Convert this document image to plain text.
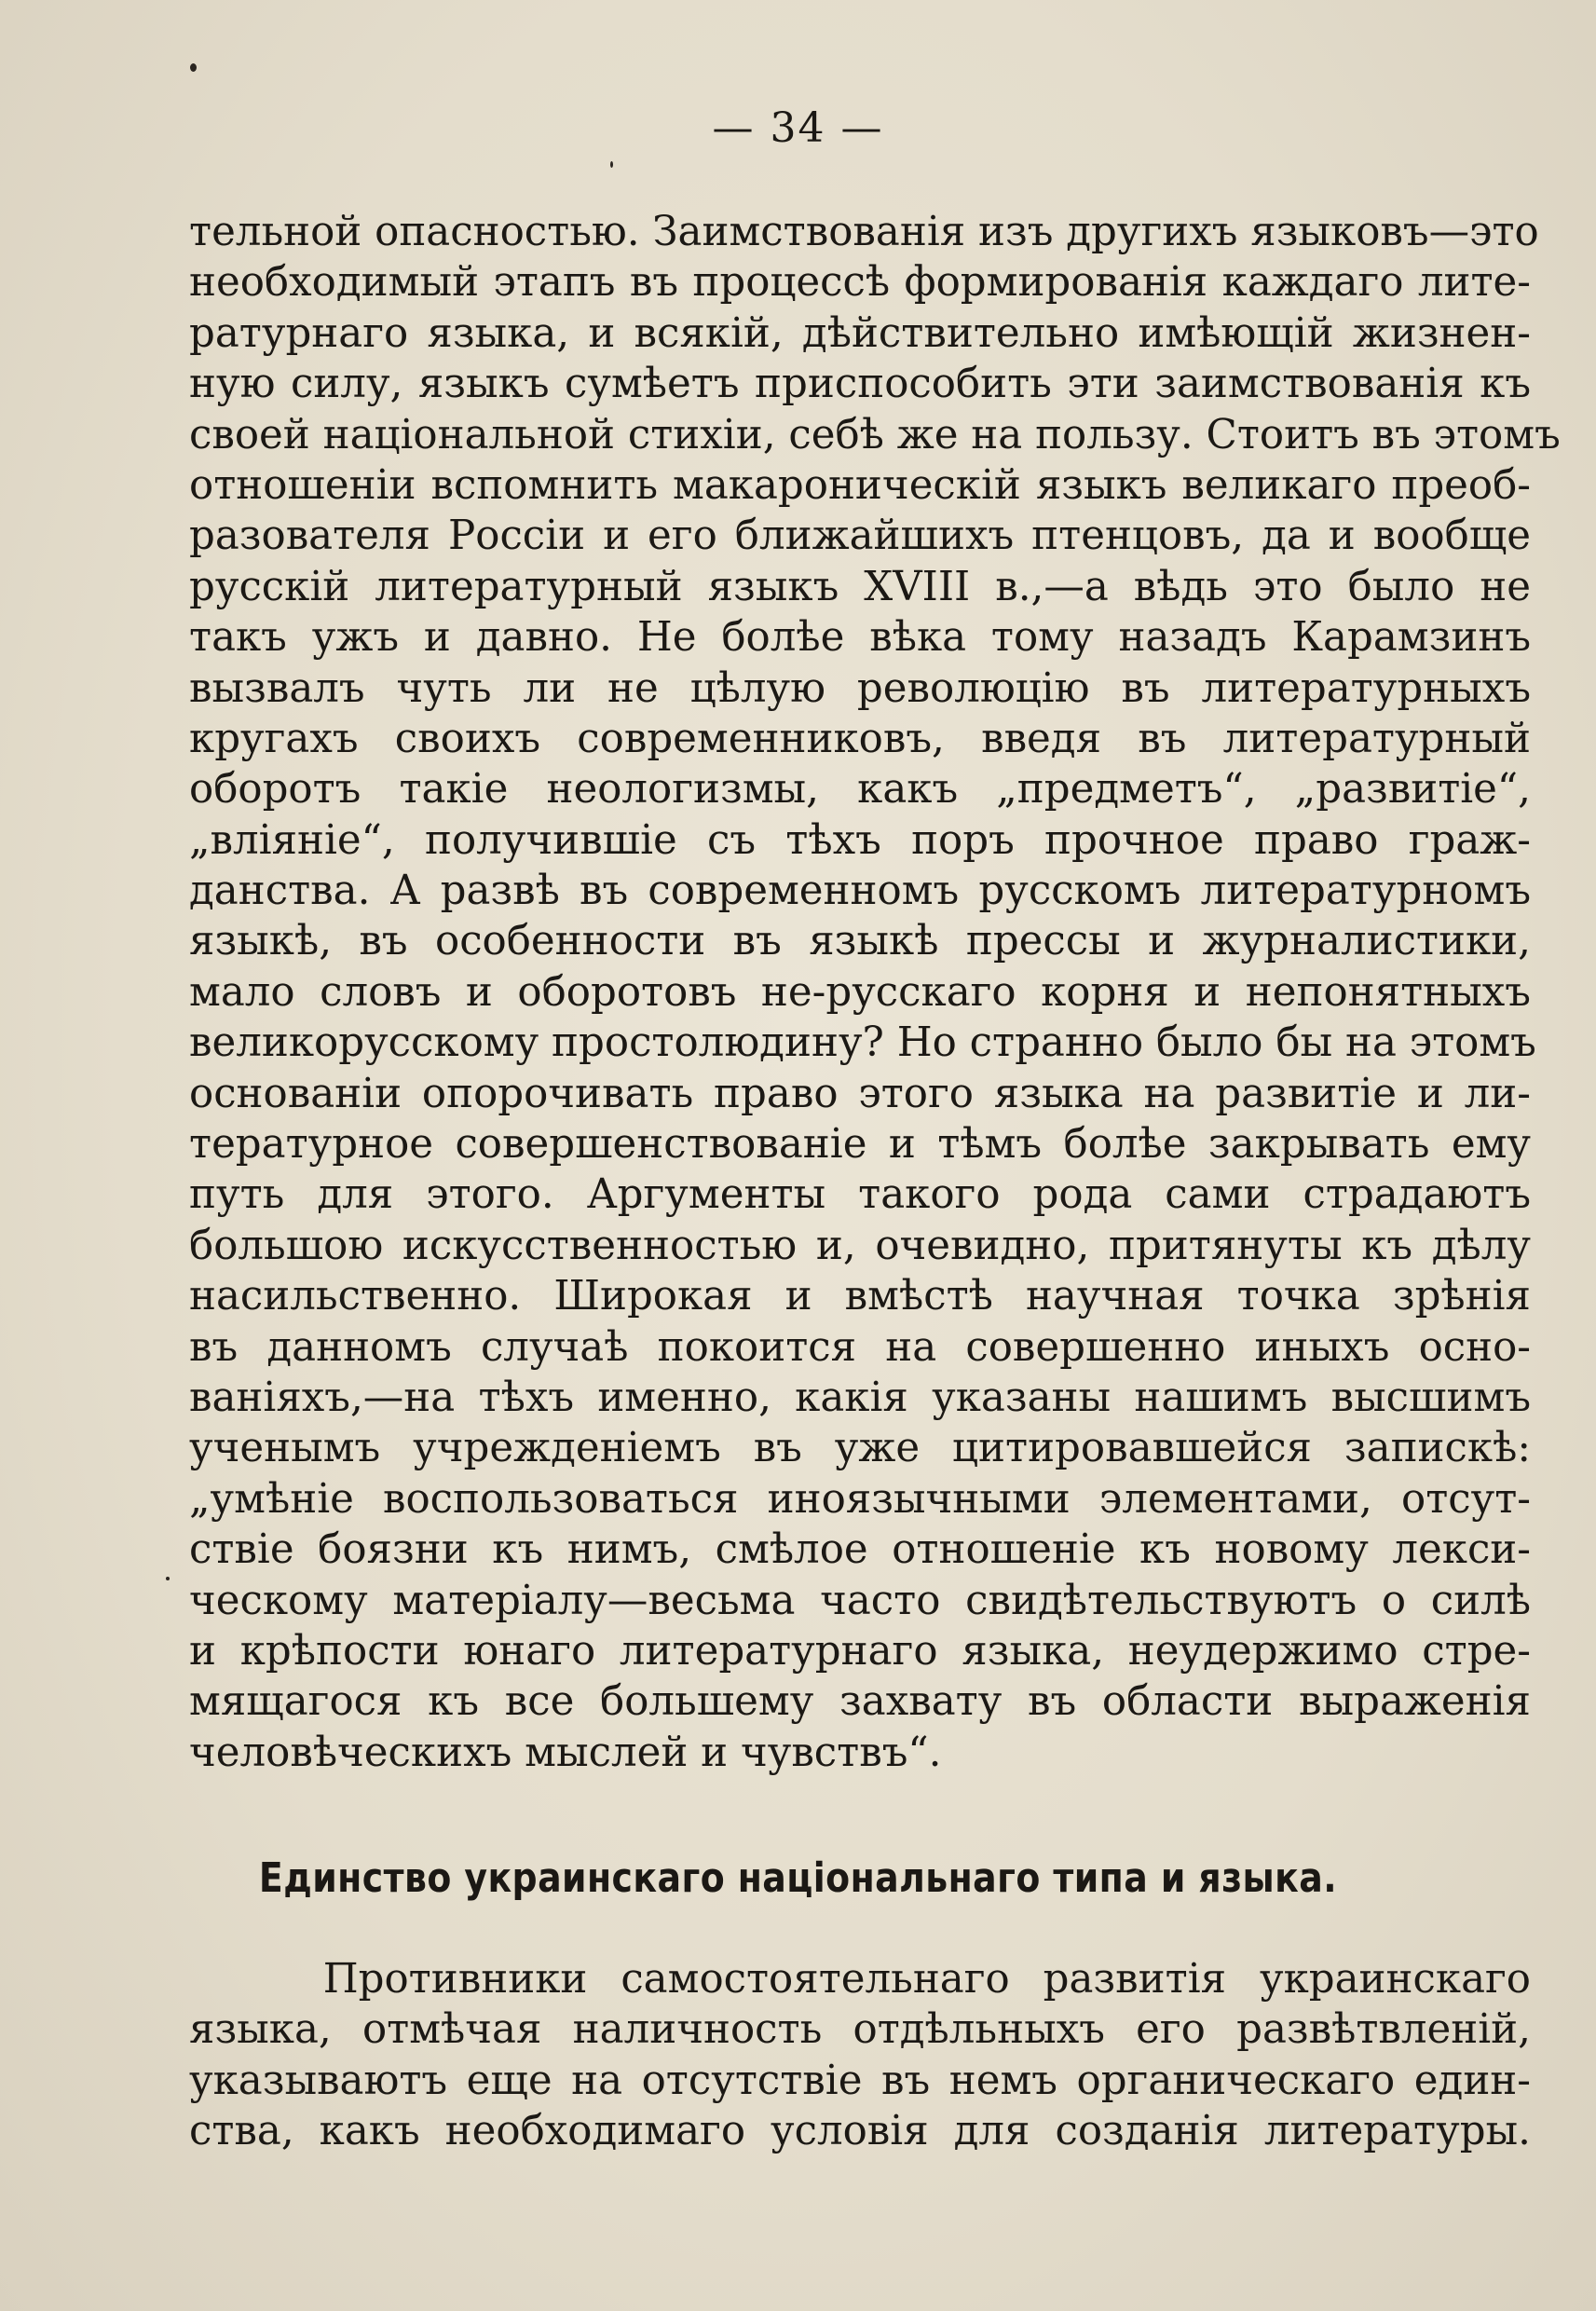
— 34 —
тельной опасностью. Заимствованія изъ другихъ языковъ—это
необходимый этапъ въ процессѣ формированія каждаго лите-
ратурнаго языка, и всякій, дѣйствительно имѣющій жизнен-
ную силу, языкъ сумѣетъ приспособить эти заимствованія къ
своей національной стихіи, себѣ же на пользу. Стоитъ въ этомъ
отношеніи вспомнить макароническій языкъ великаго преоб-
разователя Россіи и его ближайшихъ птенцовъ, да и вообще
русскій литературный языкъ XVIII в.,—а вѣдь это было не
такъ ужъ и давно. Не болѣе вѣка тому назадъ Карамзинъ
вызвалъ чуть ли не цѣлую революцію въ литературныхъ
кругахъ своихъ современниковъ, введя въ литературный
оборотъ такіе неологизмы, какъ „предметъ“, „развитіе“,
„вліяніе“, получившіе съ тѣхъ поръ прочное право граж-
данства. А развѣ въ современномъ русскомъ литературномъ
языкѣ, въ особенности въ языкѣ прессы и журналистики,
мало словъ и оборотовъ не-русскаго корня и непонятныхъ
великорусскому простолюдину? Но странно было бы на этомъ
основаніи опорочивать право этого языка на развитіе и ли-
тературное совершенствованіе и тѣмъ болѣе закрывать ему
путь для этого. Аргументы такого рода сами страдаютъ
большою искусственностью и, очевидно, притянуты къ дѣлу
насильственно. Широкая и вмѣстѣ научная точка зрѣнія
въ данномъ случаѣ покоится на совершенно иныхъ осно-
ваніяхъ,—на тѣхъ именно, какія указаны нашимъ высшимъ
ученымъ учрежденіемъ въ уже цитировавшейся запискѣ:
„умѣніе воспользоваться иноязычными элементами, отсут-
ствіе боязни къ нимъ, смѣлое отношеніе къ новому лекси-
ческому матеріалу—весьма часто свидѣтельствуютъ о силѣ
и крѣпости юнаго литературнаго языка, неудержимо стре-
мящагося къ все большему захвату въ области выраженія
человѣческихъ мыслей и чувствъ“.
Единство украинскаго національнаго типа и языка.
Противники самостоятельнаго развитія украинскаго
языка, отмѣчая наличность отдѣльныхъ его развѣтвленій,
указываютъ еще на отсутствіе въ немъ органическаго един-
ства, какъ необходимаго условія для созданія литературы.
